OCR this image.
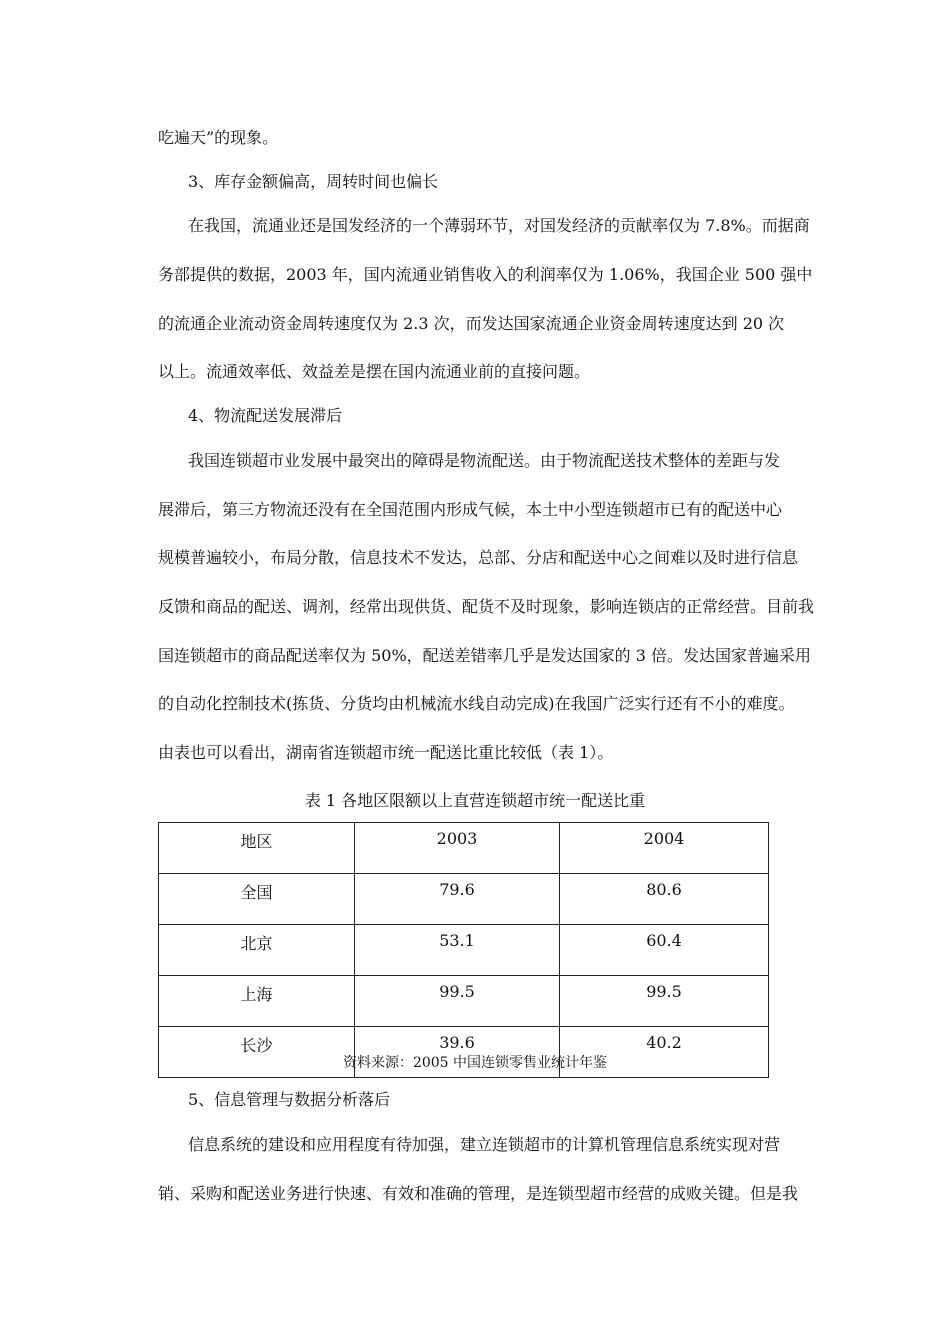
吃遍天”的现象。
3、库存金额偏高，周转时间也偏长
在我国，流通业还是国发经济的一个薄弱环节，对国发经济的贡献率仅为 7.8%。而据商
务部提供的数据，2003 年，国内流通业销售收入的利润率仅为 1.06%，我国企业 500 强中
的流通企业流动资金周转速度仅为 2.3 次，而发达国家流通企业资金周转速度达到 20 次
以上。流通效率低、效益差是摆在国内流通业前的直接问题。
4、物流配送发展滞后
我国连锁超市业发展中最突出的障碍是物流配送。由于物流配送技术整体的差距与发
展滞后，第三方物流还没有在全国范围内形成气候，本土中小型连锁超市已有的配送中心
规模普遍较小，布局分散，信息技术不发达，总部、分店和配送中心之间难以及时进行信息
反馈和商品的配送、调剂，经常出现供货、配货不及时现象，影响连锁店的正常经营。目前我
国连锁超市的商品配送率仅为 50%，配送差错率几乎是发达国家的 3 倍。发达国家普遍采用
的自动化控制技术(拣货、分货均由机械流水线自动完成)在我国广泛实行还有不小的难度。
由表也可以看出，湖南省连锁超市统一配送比重比较低（表 1）。
表 1 各地区限额以上直营连锁超市统一配送比重
地区	2003	2004
全国	79.6	80.6
北京	53.1	60.4
上海	99.5	99.5
长沙	39.6	40.2
资料来源：2005 中国连锁零售业统计年鉴
5、信息管理与数据分析落后
信息系统的建设和应用程度有待加强，建立连锁超市的计算机管理信息系统实现对营
销、采购和配送业务进行快速、有效和准确的管理，是连锁型超市经营的成败关键。但是我
